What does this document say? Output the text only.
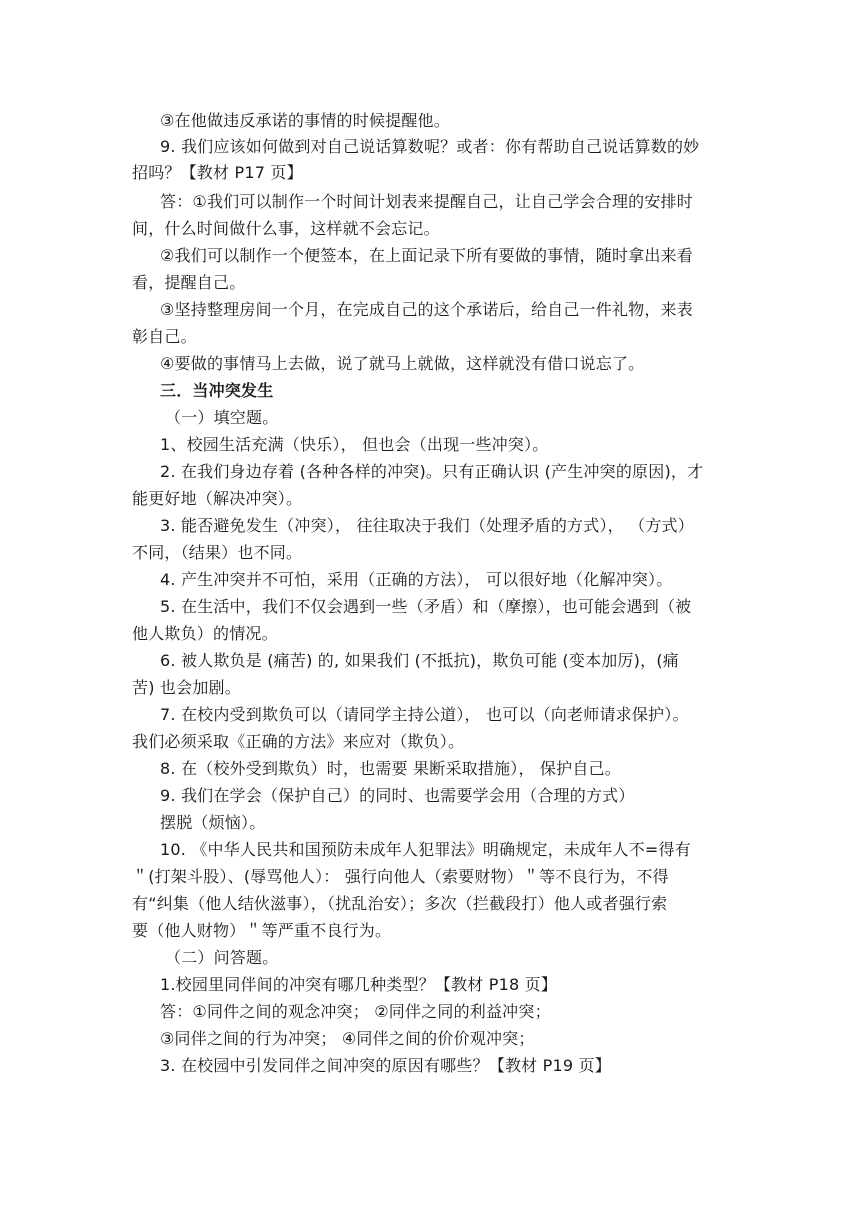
③在他做违反承诺的事情的时候提醒他。
9. 我们应该如何做到对自己说话算数呢？或者：你有帮助自己说话算数的妙
招吗？【教材 P17 页】
答：①我们可以制作一个时间计划表来提醒自己，让自己学会合理的安排时
间，什么时间做什么事，这样就不会忘记。
②我们可以制作一个便签本，在上面记录下所有要做的事情，随时拿出来看
看，提醒自己。
③坚持整理房间一个月，在完成自己的这个承诺后，给自己一件礼物，来表
彰自己。
④要做的事情马上去做，说了就马上就做，这样就没有借口说忘了。
三．当冲突发生
（一）填空题。
1、校园生活充满（快乐）， 但也会（出现一些冲突）。
2. 在我们身边存着 (各种各样的冲突)。只有正确认识 (产生冲突的原因)，才
能更好地（解决冲突）。
3. 能否避免发生（冲突）， 往往取决于我们（处理矛盾的方式）， （方式）
不同，（结果）也不同。
4. 产生冲突并不可怕，采用（正确的方法）， 可以很好地（化解冲突）。
5. 在生活中，我们不仅会遇到一些（矛盾）和（摩擦），也可能会遇到（被
他人欺负）的情况。
6. 被人欺负是 (痛苦) 的, 如果我们 (不抵抗)，欺负可能 (变本加厉)，(痛
苦) 也会加剧。
7. 在校内受到欺负可以（请同学主持公道）， 也可以（向老师请求保护）。
我们必须采取《正确的方法》来应对（欺负）。
8. 在（校外受到欺负）时，也需要 果断采取措施）， 保护自己。
9. 我们在学会（保护自己）的同时、也需要学会用（合理的方式）
摆脱（烦恼）。
10. 《中华人民共和国预防未成年人犯罪法》明确规定，未成年人不=得有
＂(打架斗股）、(辱骂他人）： 强行向他人（索要财物）＂等不良行为，不得
有“纠集（他人结伙滋事），（扰乱治安）；多次（拦截段打）他人或者强行索
要（他人财物）＂等严重不良行为。
（二）问答题。
1.校园里同伴间的冲突有哪几种类型？【教材 P18 页】
答：①同件之间的观念冲突； ②同伴之同的利益冲突；
③同伴之间的行为冲突； ④同伴之间的价价观冲突；
3. 在校园中引发同伴之间冲突的原因有哪些？【教材 P19 页】
